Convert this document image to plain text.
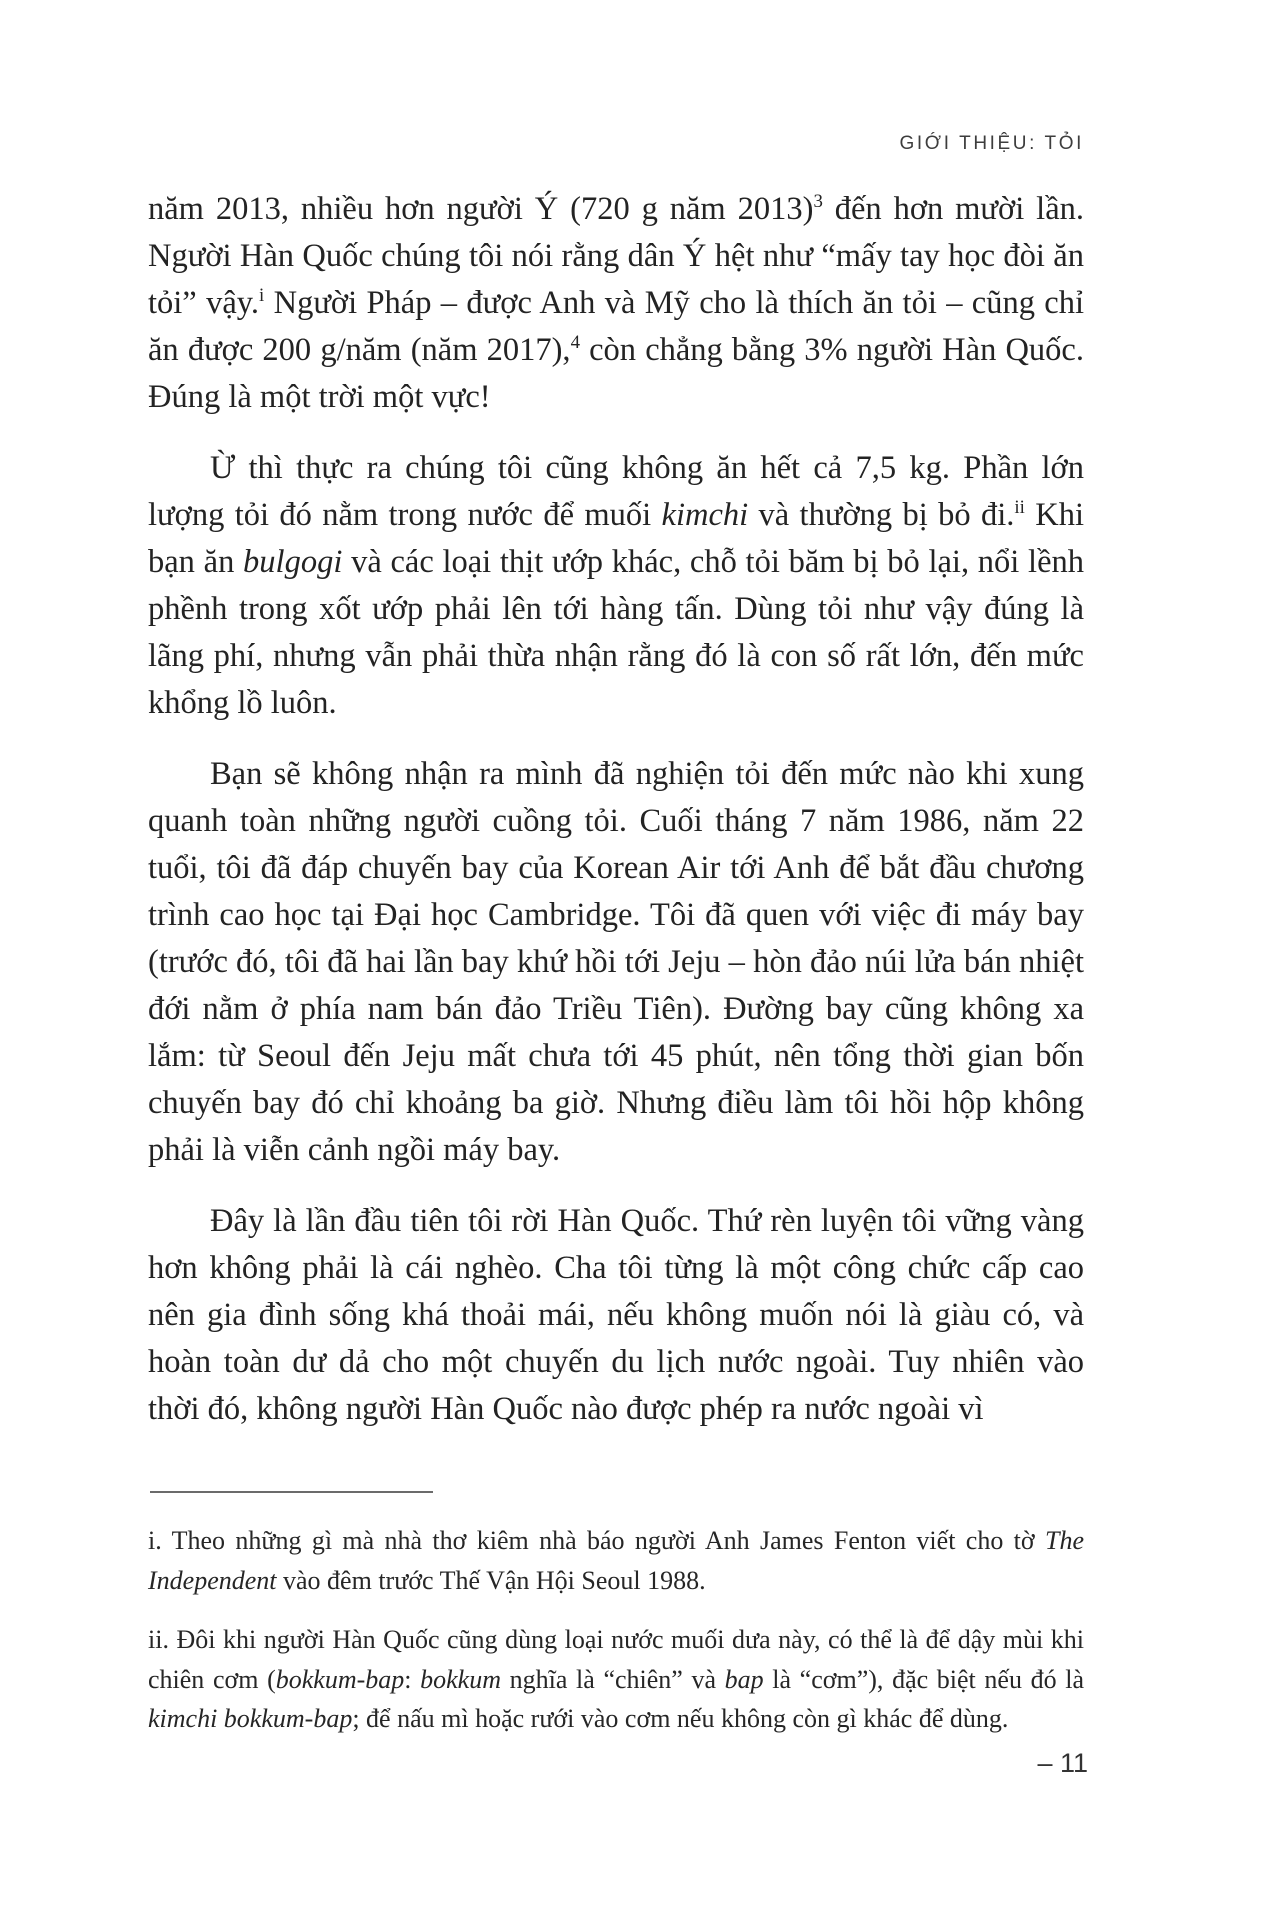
GIỚI THIỆU: TỎI

năm 2013, nhiều hơn người Ý (720 g năm 2013)$^3$ đến hơn mười lần. Người Hàn Quốc chúng tôi nói rằng dân Ý hệt như “mấy tay học đòi ăn tỏi” vậy.$^i$ Người Pháp – được Anh và Mỹ cho là thích ăn tỏi – cũng chỉ ăn được 200 g/năm (năm 2017),$^4$ còn chẳng bằng 3% người Hàn Quốc. Đúng là một trời một vực!

Ừ thì thực ra chúng tôi cũng không ăn hết cả 7,5 kg. Phần lớn lượng tỏi đó nằm trong nước để muối kimchi và thường bị bỏ đi.$^{ii}$ Khi bạn ăn bulgogi và các loại thịt ướp khác, chỗ tỏi băm bị bỏ lại, nổi lềnh phềnh trong xốt ướp phải lên tới hàng tấn. Dùng tỏi như vậy đúng là lãng phí, nhưng vẫn phải thừa nhận rằng đó là con số rất lớn, đến mức khổng lồ luôn.

Bạn sẽ không nhận ra mình đã nghiện tỏi đến mức nào khi xung quanh toàn những người cuồng tỏi. Cuối tháng 7 năm 1986, năm 22 tuổi, tôi đã đáp chuyến bay của Korean Air tới Anh để bắt đầu chương trình cao học tại Đại học Cambridge. Tôi đã quen với việc đi máy bay (trước đó, tôi đã hai lần bay khứ hồi tới Jeju – hòn đảo núi lửa bán nhiệt đới nằm ở phía nam bán đảo Triều Tiên). Đường bay cũng không xa lắm: từ Seoul đến Jeju mất chưa tới 45 phút, nên tổng thời gian bốn chuyến bay đó chỉ khoảng ba giờ. Nhưng điều làm tôi hồi hộp không phải là viễn cảnh ngồi máy bay.

Đây là lần đầu tiên tôi rời Hàn Quốc. Thứ rèn luyện tôi vững vàng hơn không phải là cái nghèo. Cha tôi từng là một công chức cấp cao nên gia đình sống khá thoải mái, nếu không muốn nói là giàu có, và hoàn toàn dư dả cho một chuyến du lịch nước ngoài. Tuy nhiên vào thời đó, không người Hàn Quốc nào được phép ra nước ngoài vì

i. Theo những gì mà nhà thơ kiêm nhà báo người Anh James Fenton viết cho tờ The Independent vào đêm trước Thế Vận Hội Seoul 1988.

ii. Đôi khi người Hàn Quốc cũng dùng loại nước muối dưa này, có thể là để dậy mùi khi chiên cơm (bokkum-bap: bokkum nghĩa là “chiên” và bap là “cơm”), đặc biệt nếu đó là kimchi bokkum-bap; để nấu mì hoặc rưới vào cơm nếu không còn gì khác để dùng.

– 11
